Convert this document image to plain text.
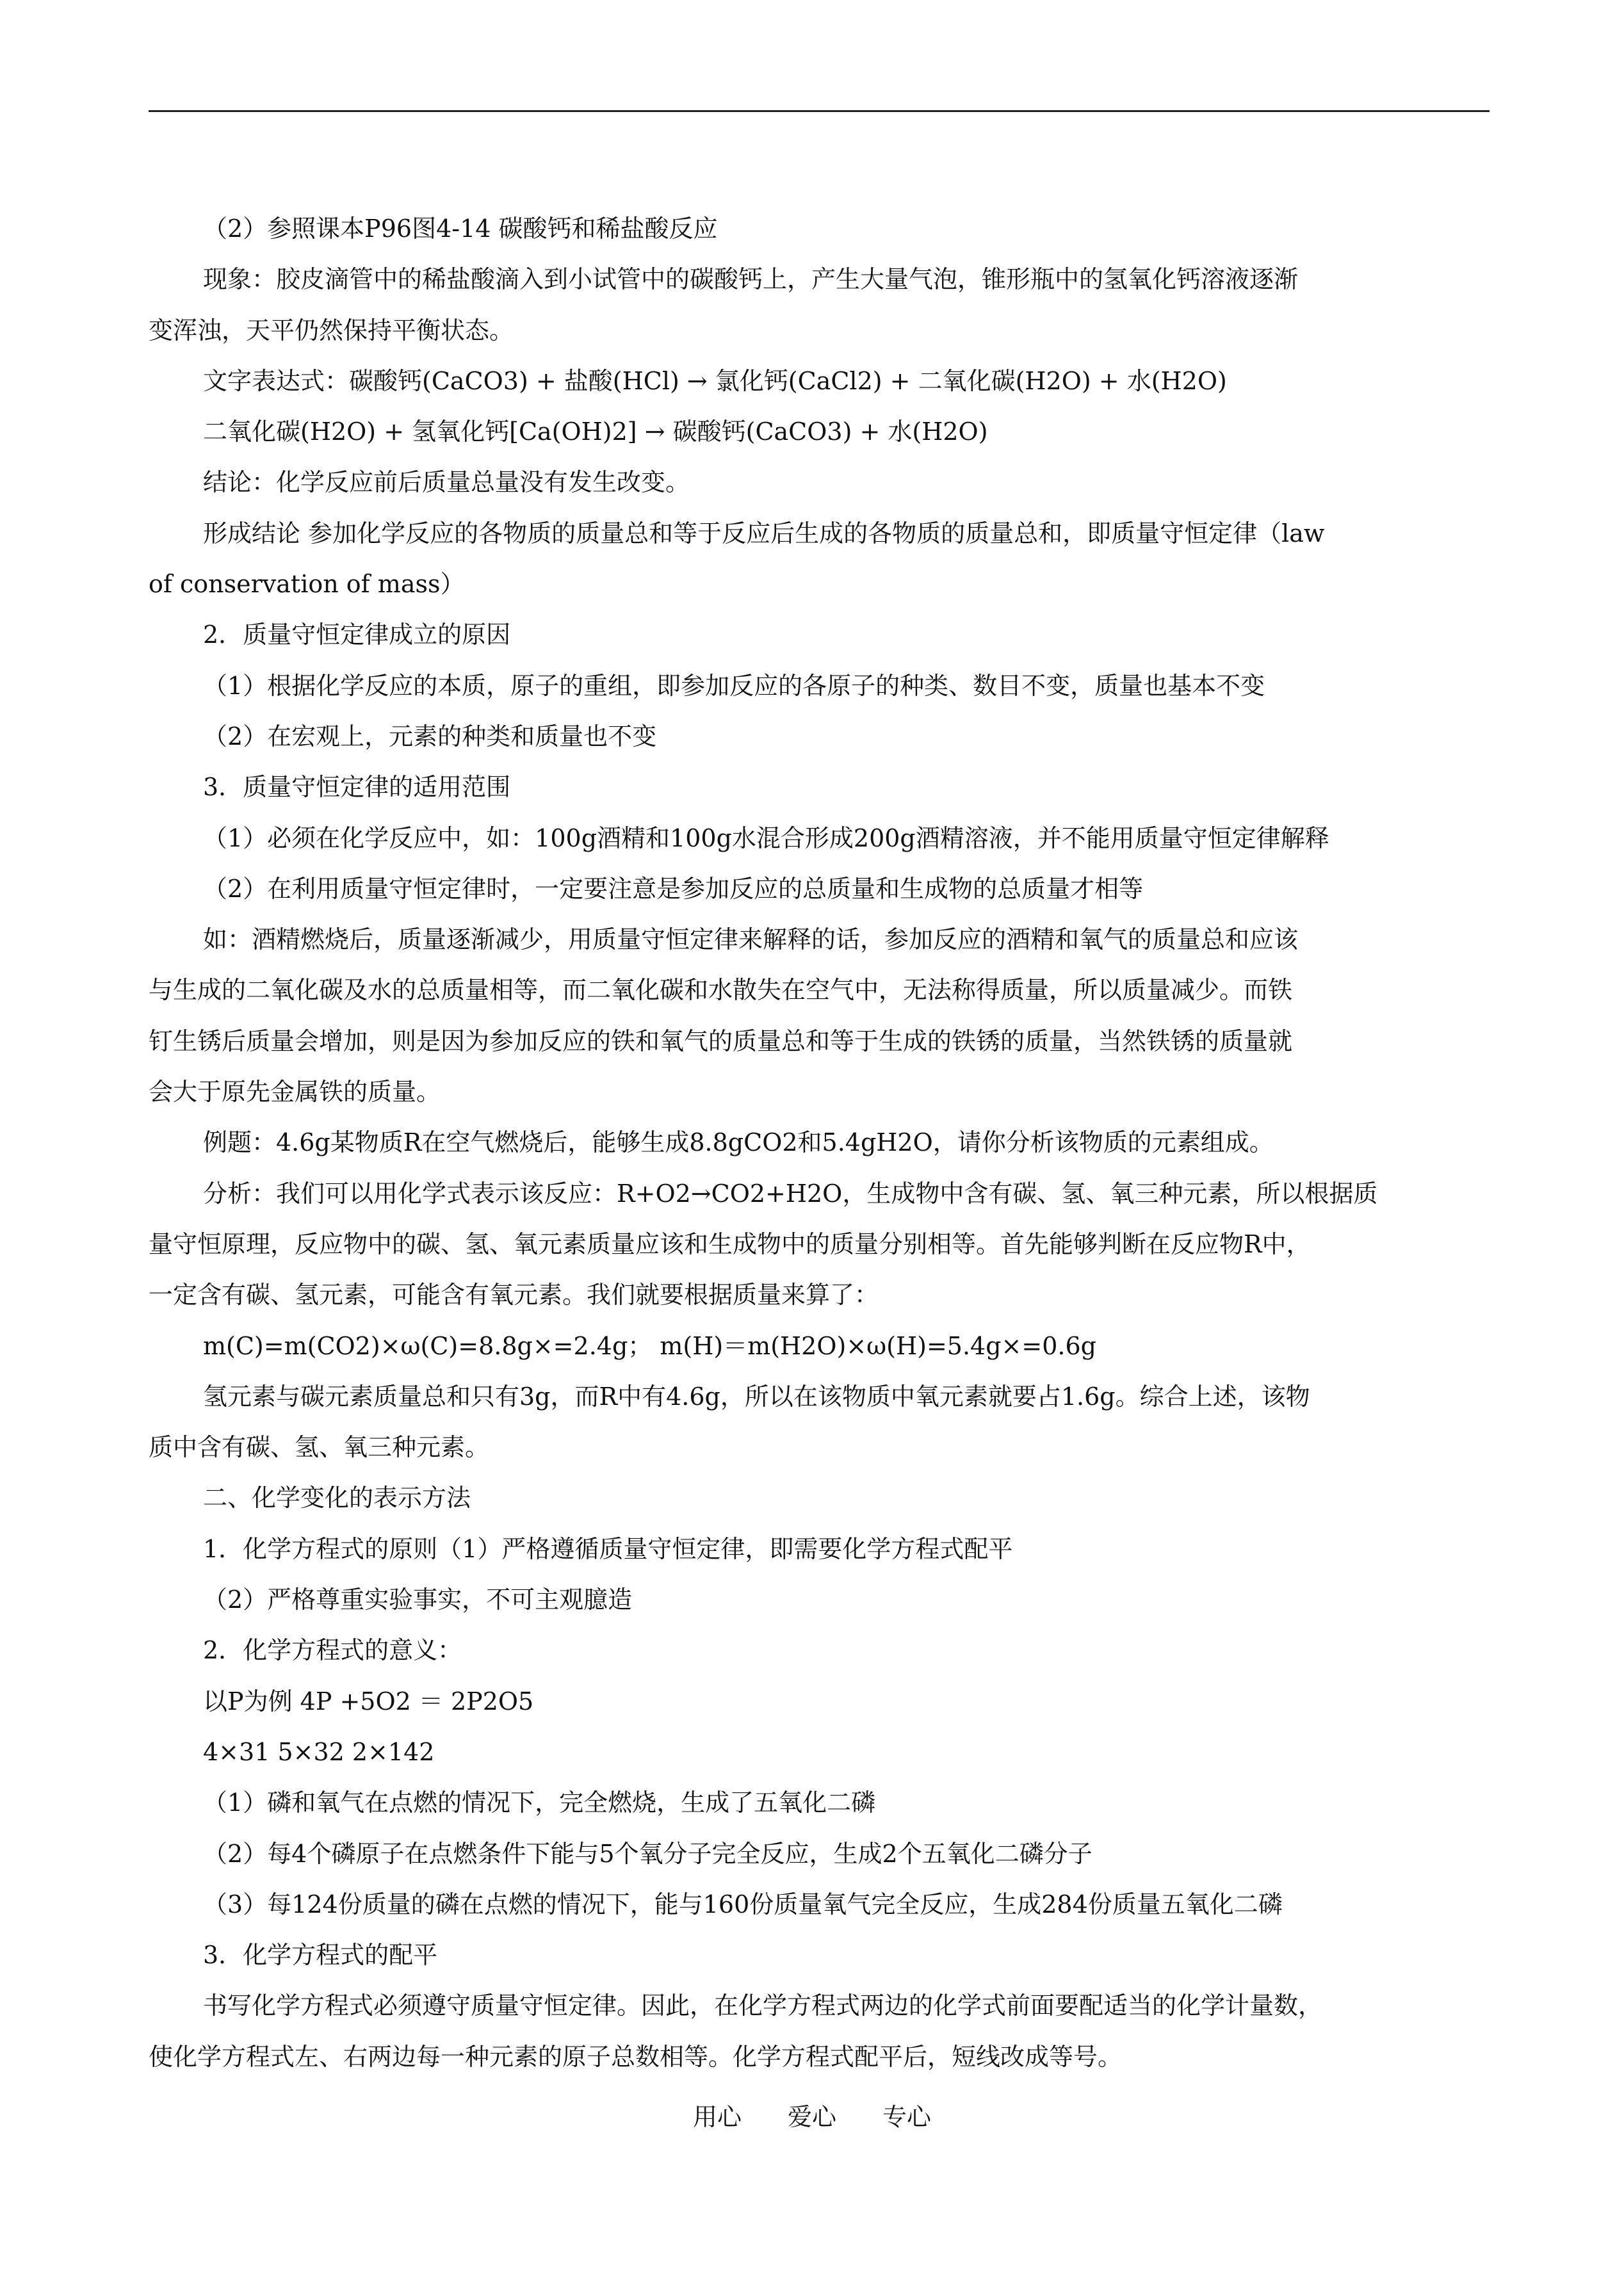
（2）参照课本P96图4-14 碳酸钙和稀盐酸反应

现象：胶皮滴管中的稀盐酸滴入到小试管中的碳酸钙上，产生大量气泡，锥形瓶中的氢氧化钙溶液逐渐

变浑浊，天平仍然保持平衡状态。

文字表达式：碳酸钙(CaCO3) + 盐酸(HCl) → 氯化钙(CaCl2) + 二氧化碳(H2O) + 水(H2O)

二氧化碳(H2O) + 氢氧化钙[Ca(OH)2] → 碳酸钙(CaCO3) + 水(H2O)

结论：化学反应前后质量总量没有发生改变。

形成结论 参加化学反应的各物质的质量总和等于反应后生成的各物质的质量总和，即质量守恒定律（law

of conservation of mass）

2．质量守恒定律成立的原因

（1）根据化学反应的本质，原子的重组，即参加反应的各原子的种类、数目不变，质量也基本不变

（2）在宏观上，元素的种类和质量也不变

3．质量守恒定律的适用范围

（1）必须在化学反应中，如：100g酒精和100g水混合形成200g酒精溶液，并不能用质量守恒定律解释

（2）在利用质量守恒定律时，一定要注意是参加反应的总质量和生成物的总质量才相等

如：酒精燃烧后，质量逐渐减少，用质量守恒定律来解释的话，参加反应的酒精和氧气的质量总和应该

与生成的二氧化碳及水的总质量相等，而二氧化碳和水散失在空气中，无法称得质量，所以质量减少。而铁

钉生锈后质量会增加，则是因为参加反应的铁和氧气的质量总和等于生成的铁锈的质量，当然铁锈的质量就

会大于原先金属铁的质量。

例题：4.6g某物质R在空气燃烧后，能够生成8.8gCO2和5.4gH2O，请你分析该物质的元素组成。

分析：我们可以用化学式表示该反应：R+O2→CO2+H2O，生成物中含有碳、氢、氧三种元素，所以根据质

量守恒原理，反应物中的碳、氢、氧元素质量应该和生成物中的质量分别相等。首先能够判断在反应物R中，

一定含有碳、氢元素，可能含有氧元素。我们就要根据质量来算了：

m(C)=m(CO2)×ω(C)=8.8g×=2.4g； m(H)＝m(H2O)×ω(H)=5.4g×=0.6g

氢元素与碳元素质量总和只有3g，而R中有4.6g，所以在该物质中氧元素就要占1.6g。综合上述，该物

质中含有碳、氢、氧三种元素。

二、化学变化的表示方法

1．化学方程式的原则（1）严格遵循质量守恒定律，即需要化学方程式配平

（2）严格尊重实验事实，不可主观臆造

2．化学方程式的意义：

以P为例 4P +5O2 ＝ 2P2O5

4×31 5×32 2×142

（1）磷和氧气在点燃的情况下，完全燃烧，生成了五氧化二磷

（2）每4个磷原子在点燃条件下能与5个氧分子完全反应，生成2个五氧化二磷分子

（3）每124份质量的磷在点燃的情况下，能与160份质量氧气完全反应，生成284份质量五氧化二磷

3．化学方程式的配平

书写化学方程式必须遵守质量守恒定律。因此，在化学方程式两边的化学式前面要配适当的化学计量数，

使化学方程式左、右两边每一种元素的原子总数相等。化学方程式配平后，短线改成等号。

用心 爱心 专心
